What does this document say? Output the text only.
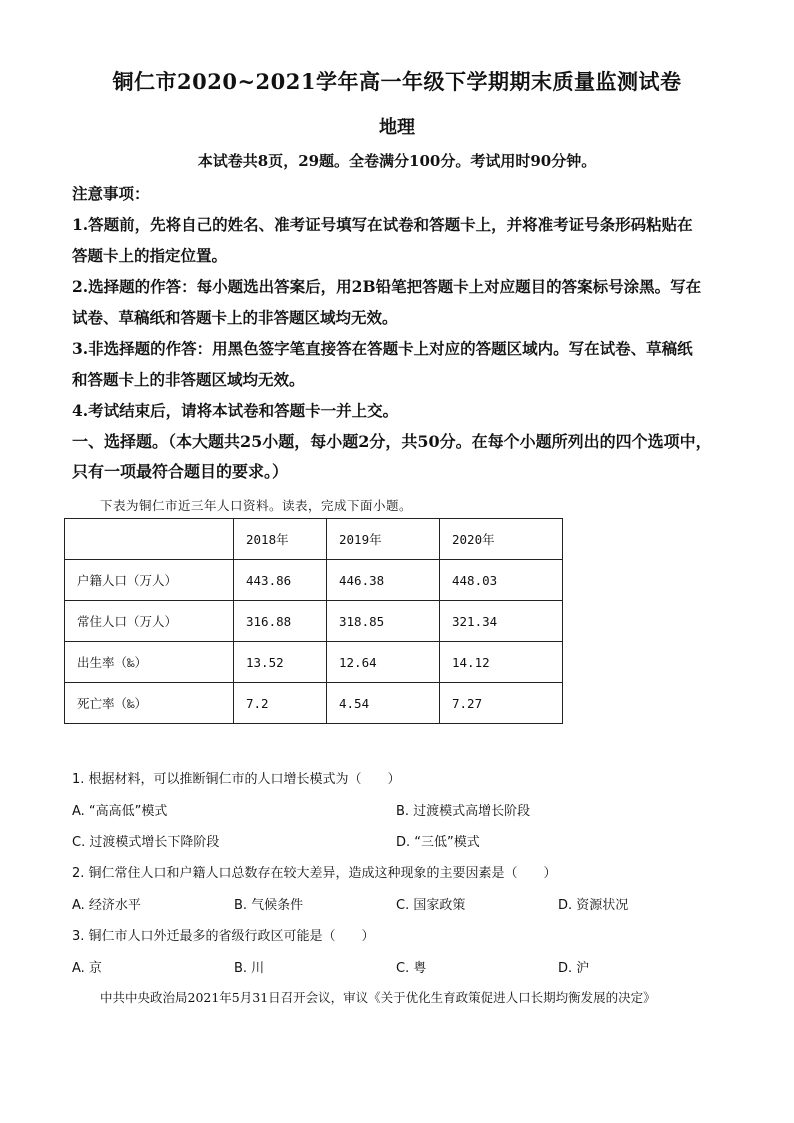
铜仁市2020~2021学年高一年级下学期期末质量监测试卷
地理
本试卷共8页，29题。全卷满分100分。考试用时90分钟。
注意事项：
1.答题前，先将自己的姓名、准考证号填写在试卷和答题卡上，并将准考证号条形码粘贴在
答题卡上的指定位置。
2.选择题的作答：每小题选出答案后，用2B铅笔把答题卡上对应题目的答案标号涂黑。写在
试卷、草稿纸和答题卡上的非答题区域均无效。
3.非选择题的作答：用黑色签字笔直接答在答题卡上对应的答题区域内。写在试卷、草稿纸
和答题卡上的非答题区域均无效。
4.考试结束后，请将本试卷和答题卡一并上交。
一、选择题。（本大题共25小题，每小题2分，共50分。在每个小题所列出的四个选项中，
只有一项最符合题目的要求。）
下表为铜仁市近三年人口资料。读表，完成下面小题。
	2018年	2019年	2020年
户籍人口（万人）	443.86	446.38	448.03
常住人口（万人）	316.88	318.85	321.34
出生率（‰）	13.52	12.64	14.12
死亡率（‰）	7.2	4.54	7.27
1. 根据材料，可以推断铜仁市的人口增长模式为（　　）
A. “高高低”模式	B. 过渡模式高增长阶段
C. 过渡模式增长下降阶段	D. “三低”模式
2. 铜仁常住人口和户籍人口总数存在较大差异，造成这种现象的主要因素是（　　）
A. 经济水平	B. 气候条件	C. 国家政策	D. 资源状况
3. 铜仁市人口外迁最多的省级行政区可能是（　　）
A. 京	B. 川	C. 粤	D. 沪
中共中央政治局2021年5月31日召开会议，审议《关于优化生育政策促进人口长期均衡发展的决定》
